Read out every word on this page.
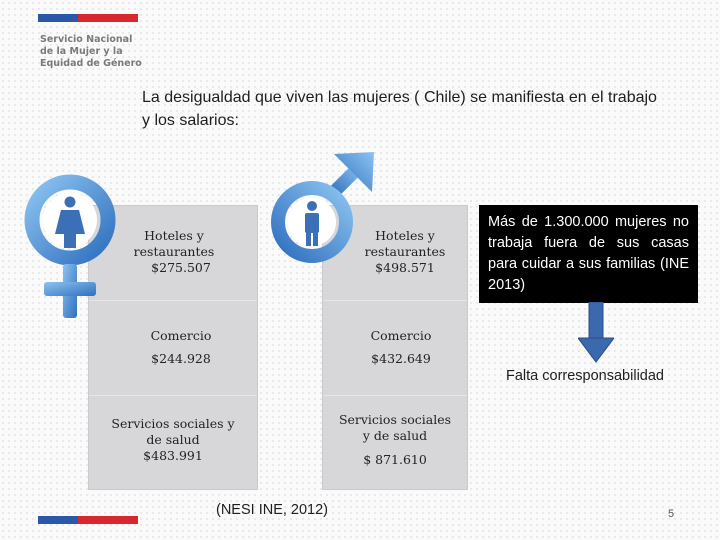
Servicio Nacional
de la Mujer y la
Equidad de Género
La desigualdad que viven las mujeres ( Chile) se manifiesta en el trabajo y los salarios:
Hoteles y restaurantes
$275.507
Comercio
$244.928
Servicios sociales y de salud
$483.991
Hoteles y restaurantes
$498.571
Comercio
$432.649
Servicios sociales y de salud
$ 871.610
Más de 1.300.000 mujeres no trabaja fuera de sus casas para cuidar a sus familias (INE 2013)
Falta corresponsabilidad
(NESI INE, 2012)	5
